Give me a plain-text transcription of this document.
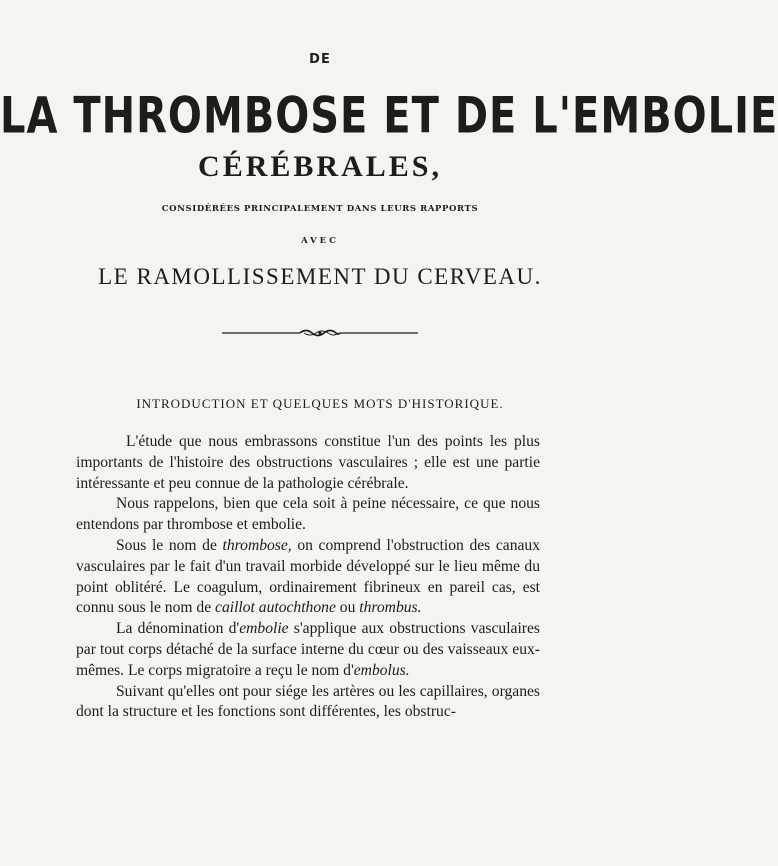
DE
LA THROMBOSE ET DE L'EMBOLIE
CÉRÉBRALES,
CONSIDÉRÉES PRINCIPALEMENT DANS LEURS RAPPORTS
AVEC
LE RAMOLLISSEMENT DU CERVEAU.
INTRODUCTION ET QUELQUES MOTS D'HISTORIQUE.

L'étude que nous embrassons constitue l'un des points les plus importants de l'histoire des obstructions vasculaires ; elle est une partie intéressante et peu connue de la pathologie cérébrale.

Nous rappelons, bien que cela soit à peine nécessaire, ce que nous entendons par thrombose et embolie.

Sous le nom de thrombose, on comprend l'obstruction des canaux vasculaires par le fait d'un travail morbide développé sur le lieu même du point oblitéré. Le coagulum, ordinairement fibrineux en pareil cas, est connu sous le nom de caillot autochthone ou thrombus.

La dénomination d'embolie s'applique aux obstructions vasculaires par tout corps détaché de la surface interne du cœur ou des vaisseaux eux-mêmes. Le corps migratoire a reçu le nom d'embolus.

Suivant qu'elles ont pour siége les artères ou les capillaires, organes dont la structure et les fonctions sont différentes, les obstruc-
